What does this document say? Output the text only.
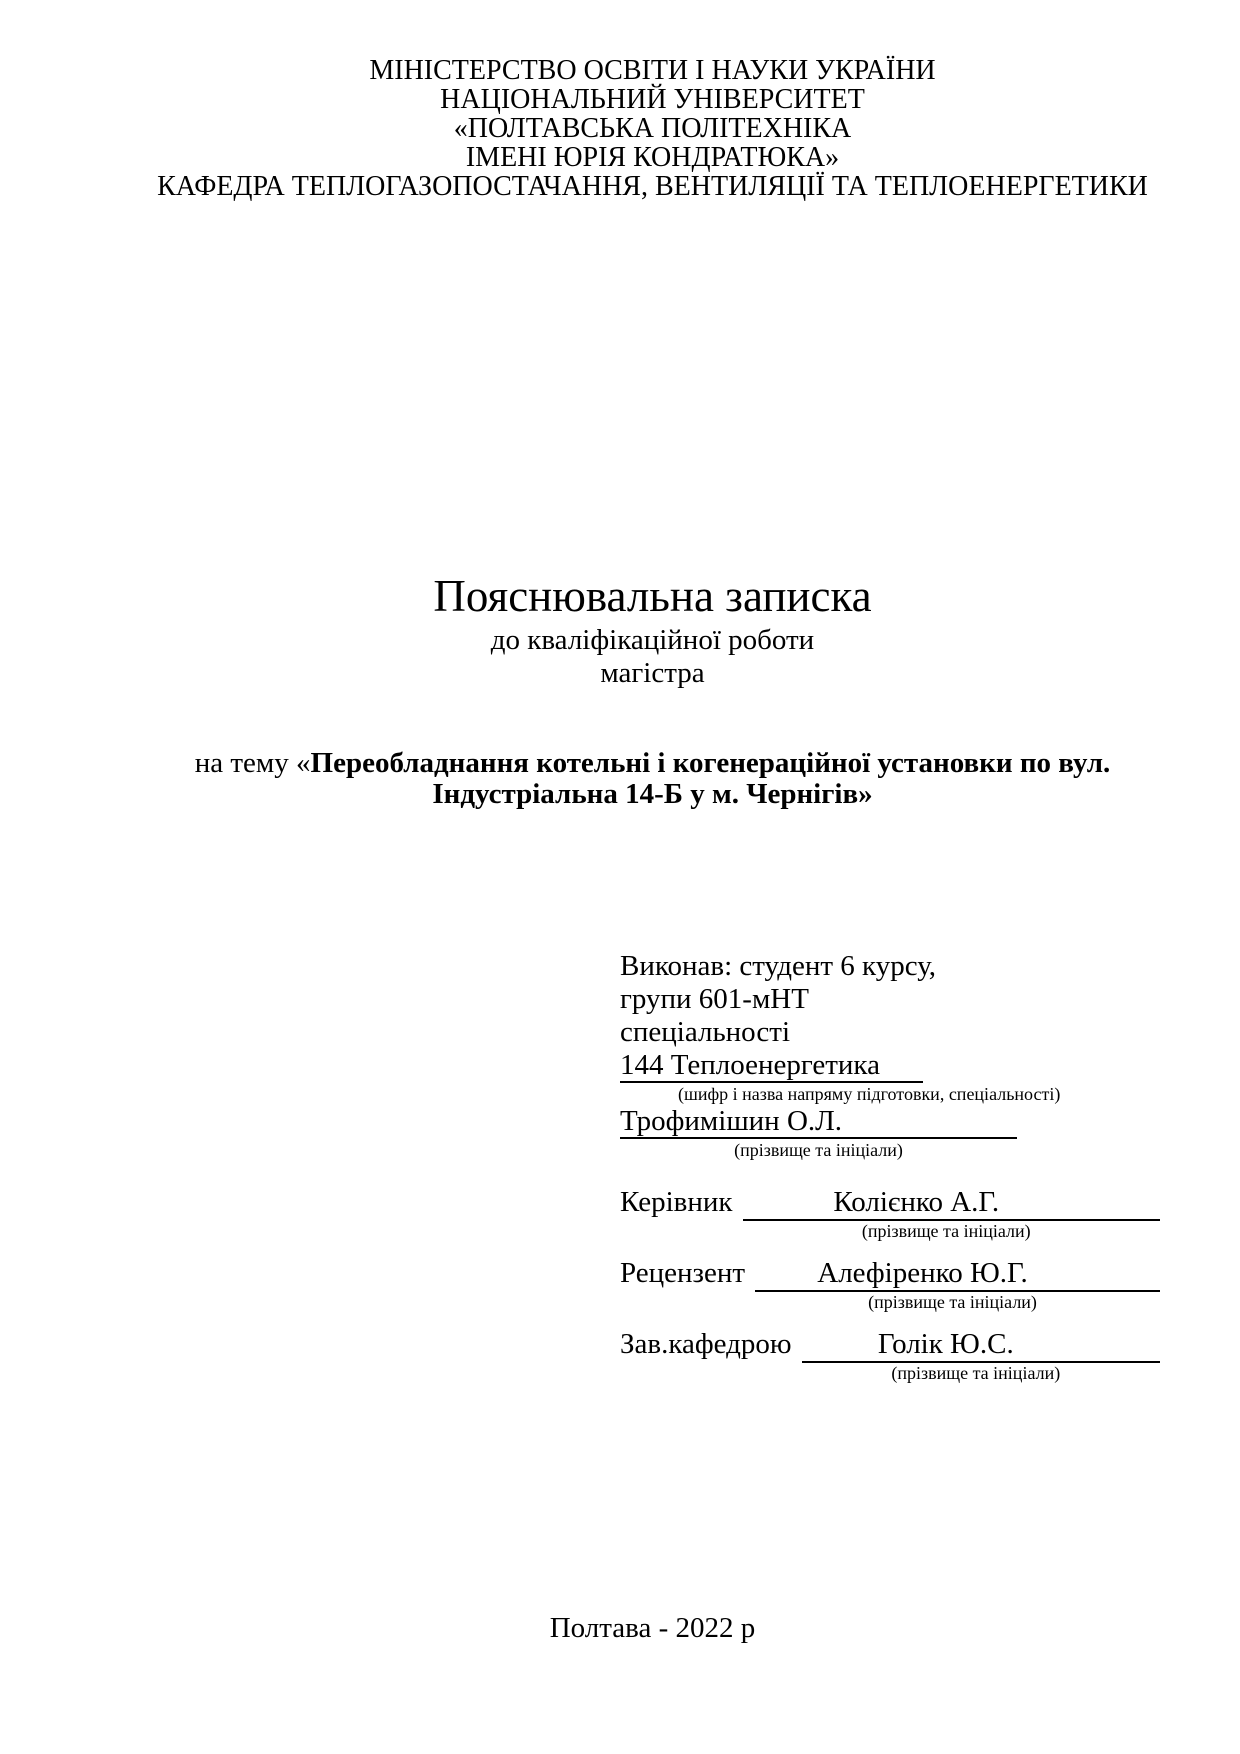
МІНІСТЕРСТВО ОСВІТИ І НАУКИ УКРАЇНИ
НАЦІОНАЛЬНИЙ УНІВЕРСИТЕТ
«ПОЛТАВСЬКА ПОЛІТЕХНІКА
ІМЕНІ ЮРІЯ КОНДРАТЮКА»
КАФЕДРА ТЕПЛОГАЗОПОСТАЧАННЯ, ВЕНТИЛЯЦІЇ ТА ТЕПЛОЕНЕРГЕТИКИ
Пояснювальна записка
до кваліфікаційної роботи
магістра
на тему «Переобладнання котельні і когенераційної установки по вул.
Індустріальна 14-Б у м. Чернігів»
Виконав: студент 6 курсу,
групи 601-мНТ
спеціальності
144 Теплоенергетика
(шифр і назва напряму підготовки, спеціальності)
Трофимішин О.Л.
(прізвище та ініціали)
Керівник	Колієнко А.Г.
(прізвище та ініціали)
Рецензент	Алефіренко Ю.Г.
(прізвище та ініціали)
Зав.кафедрою	Голік Ю.С.
(прізвище та ініціали)
Полтава - 2022 р
